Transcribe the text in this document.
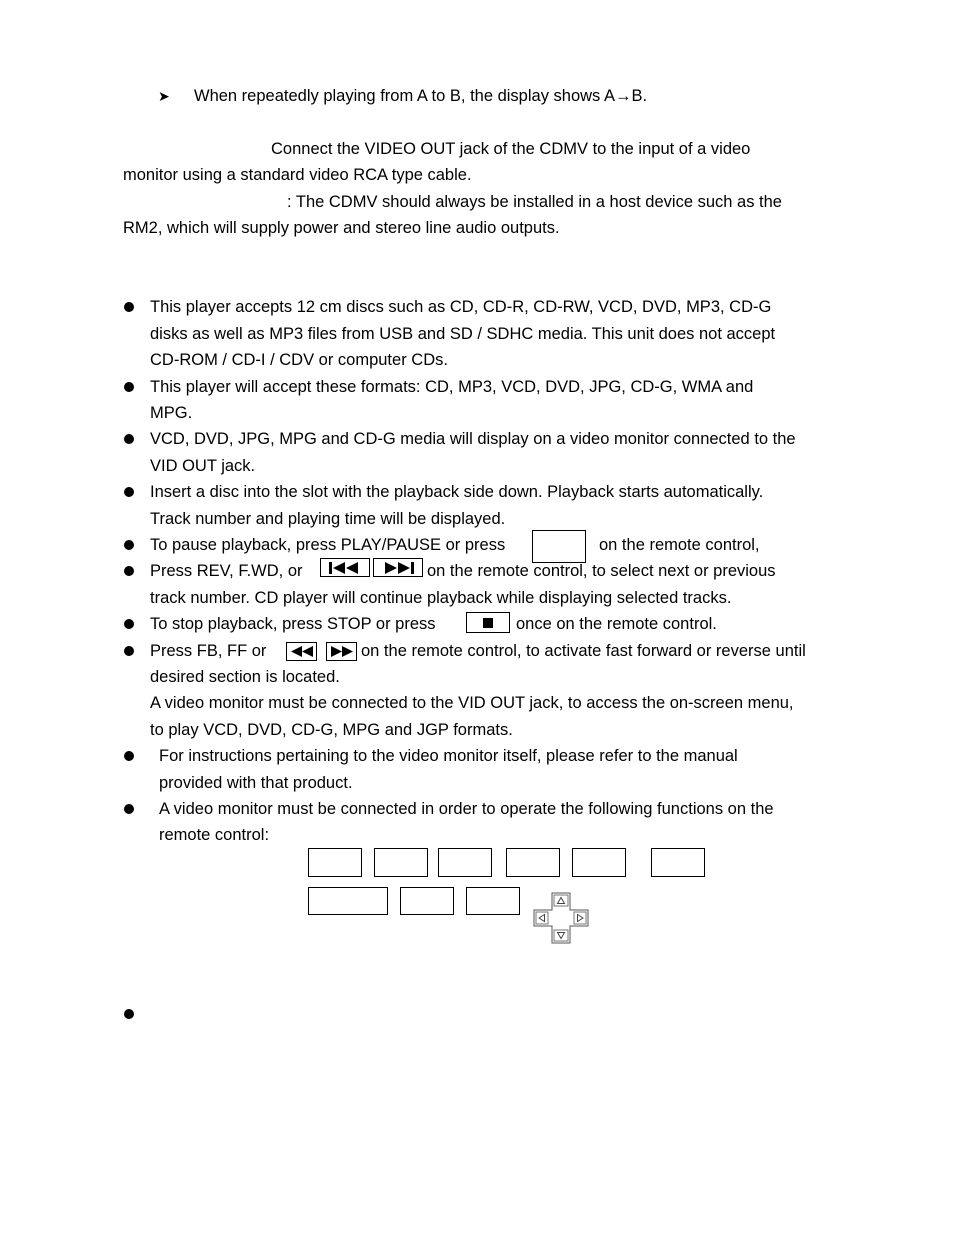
➤ When repeatedly playing from A to B, the display shows A→B.
Connect the VIDEO OUT jack of the CDMV to the input of a video
monitor using a standard video RCA type cable.
: The CDMV should always be installed in a host device such as the
RM2, which will supply power and stereo line audio outputs.
This player accepts 12 cm discs such as CD, CD-R, CD-RW, VCD, DVD, MP3, CD-G
disks as well as MP3 files from USB and SD / SDHC media. This unit does not accept
CD-ROM / CD-I / CDV or computer CDs.
This player will accept these formats: CD, MP3, VCD, DVD, JPG, CD-G, WMA and
MPG.
VCD, DVD, JPG, MPG and CD-G media will display on a video monitor connected to the
VID OUT jack.
Insert a disc into the slot with the playback side down. Playback starts automatically.
Track number and playing time will be displayed.
To pause playback, press PLAY/PAUSE or press	on the remote control,
Press REV, F.WD, or	on the remote control, to select next or previous
track number. CD player will continue playback while displaying selected tracks.
To stop playback, press STOP or press	once on the remote control.
Press FB, FF or	on the remote control, to activate fast forward or reverse until
desired section is located.
A video monitor must be connected to the VID OUT jack, to access the on-screen menu,
to play VCD, DVD, CD-G, MPG and JGP formats.
For instructions pertaining to the video monitor itself, please refer to the manual
provided with that product.
A video monitor must be connected in order to operate the following functions on the
remote control:
